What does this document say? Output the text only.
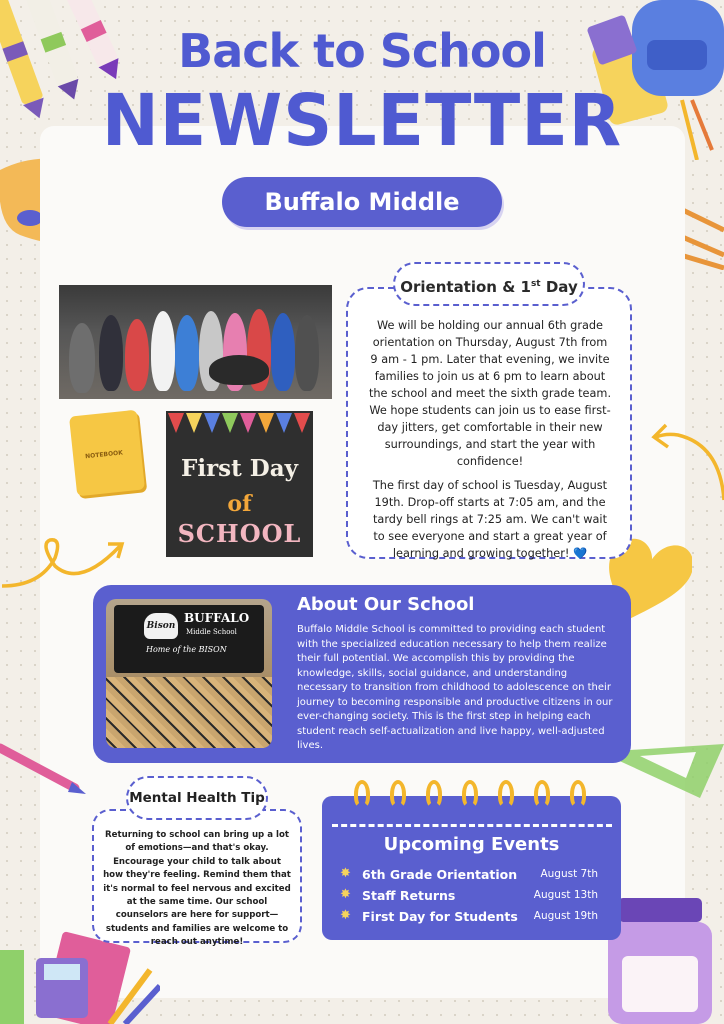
NOTEBOOK
Back to School
NEWSLETTER
Buffalo Middle
First Day
of
SCHOOL

We will be holding our annual 6th grade orientation on Thursday, August 7th from 9 am - 1 pm. Later that evening, we invite families to join us at 6 pm to learn about the school and meet the sixth grade team. We hope students can join us to ease first-day jitters, get comfortable in their new surroundings, and start the year with confidence!

The first day of school is Tuesday, August 19th. Drop-off starts at 7:05 am, and the tardy bell rings at 7:25 am. We can't wait to see everyone and start a great year of learning and growing together! 💙

Orientation & 1st Day
Bison
BUFFALO
Middle School
Home of the BISON
About Our School
Buffalo Middle School is committed to providing each student with the specialized education necessary to help them realize their full potential. We accomplish this by providing the knowledge, skills, social guidance, and understanding necessary to transition from childhood to adolescence on their journey to becoming responsible and productive citizens in our ever-changing society. This is the first step in helping each student reach self-actualization and live happy, well-adjusted lives.

Returning to school can bring up a lot of emotions—and that's okay. Encourage your child to talk about how they're feeling. Remind them that it's normal to feel nervous and excited at the same time. Our school counselors are here for support—students and families are welcome to reach out anytime!

Mental Health Tip
Upcoming Events
✸ 6th Grade Orientation August 7th
✸ Staff Returns	August 13th
✸ First Day for Students August 19th
